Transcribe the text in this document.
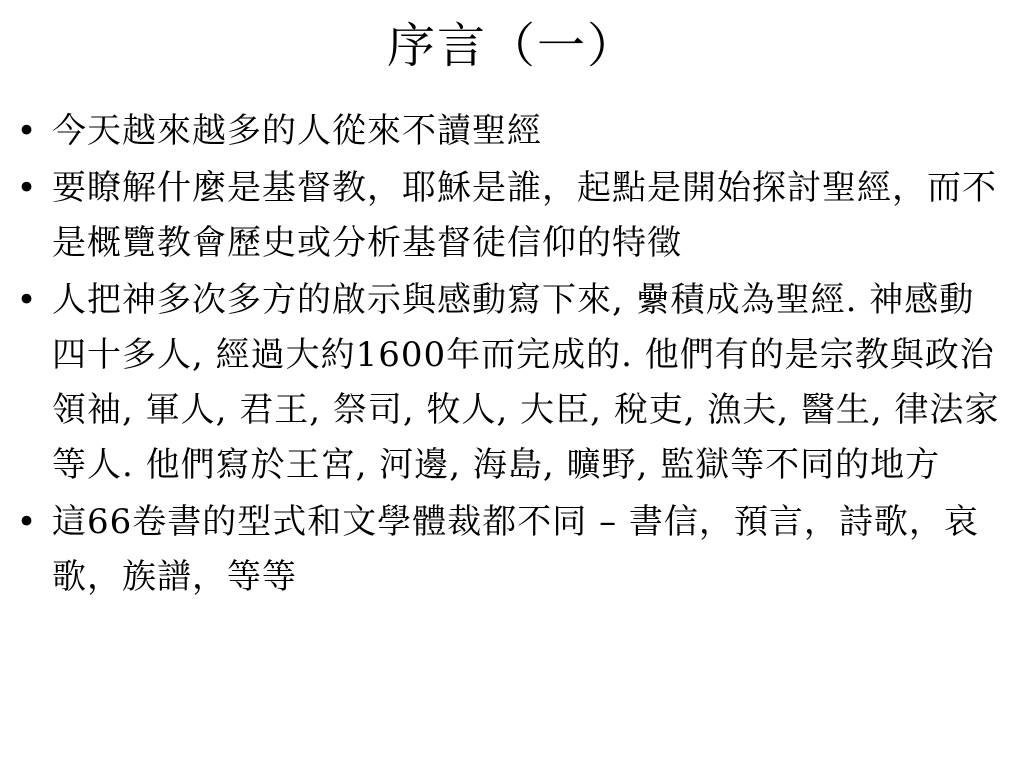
序言（一）
• 今天越來越多的人從來不讀聖經
• 要瞭解什麼是基督教，耶穌是誰，起點是開始探討聖經，而不是概覽教會歷史或分析基督徒信仰的特徵
• 人把神多次多方的啟示與感動寫下來, 纍積成為聖經. 神感動四十多人, 經過大約1600年而完成的. 他們有的是宗教與政治領袖, 軍人, 君王, 祭司, 牧人, 大臣, 稅吏, 漁夫, 醫生, 律法家等人. 他們寫於王宮, 河邊, 海島, 曠野, 監獄等不同的地方
• 這66卷書的型式和文學體裁都不同 – 書信，預言，詩歌，哀歌，族譜，等等
